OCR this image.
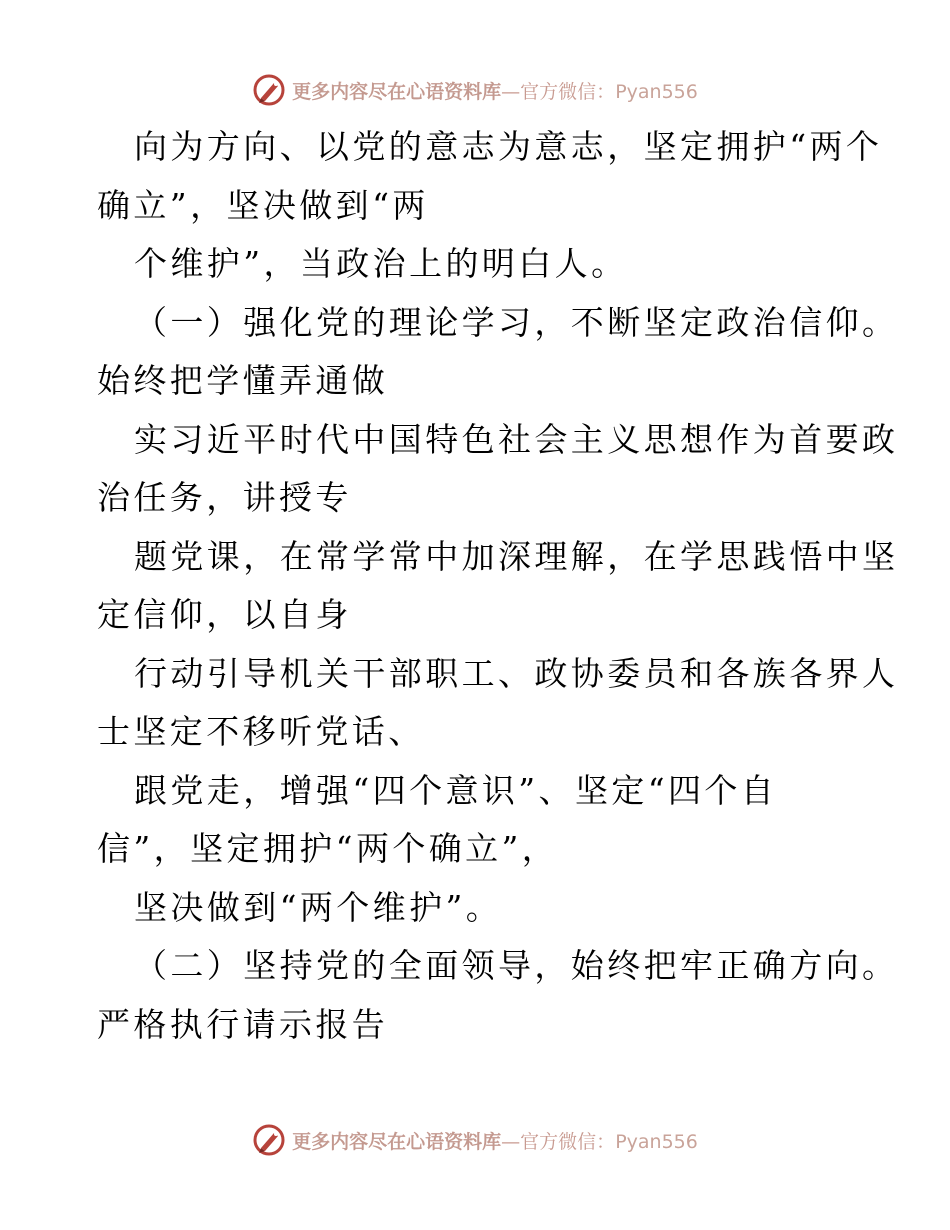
更多内容尽在心语资料库—官方微信：Pyan556
向为方向、以党的意志为意志，坚定拥护“两个
确立”，坚决做到“两
个维护”，当政治上的明白人。
（一）强化党的理论学习，不断坚定政治信仰。
始终把学懂弄通做
实习近平时代中国特色社会主义思想作为首要政
治任务，讲授专
题党课，在常学常中加深理解，在学思践悟中坚
定信仰，以自身
行动引导机关干部职工、政协委员和各族各界人
士坚定不移听党话、
跟党走，增强“四个意识”、坚定“四个自
信”，坚定拥护“两个确立”，
坚决做到“两个维护”。
（二）坚持党的全面领导，始终把牢正确方向。
严格执行请示报告
更多内容尽在心语资料库—官方微信：Pyan556
